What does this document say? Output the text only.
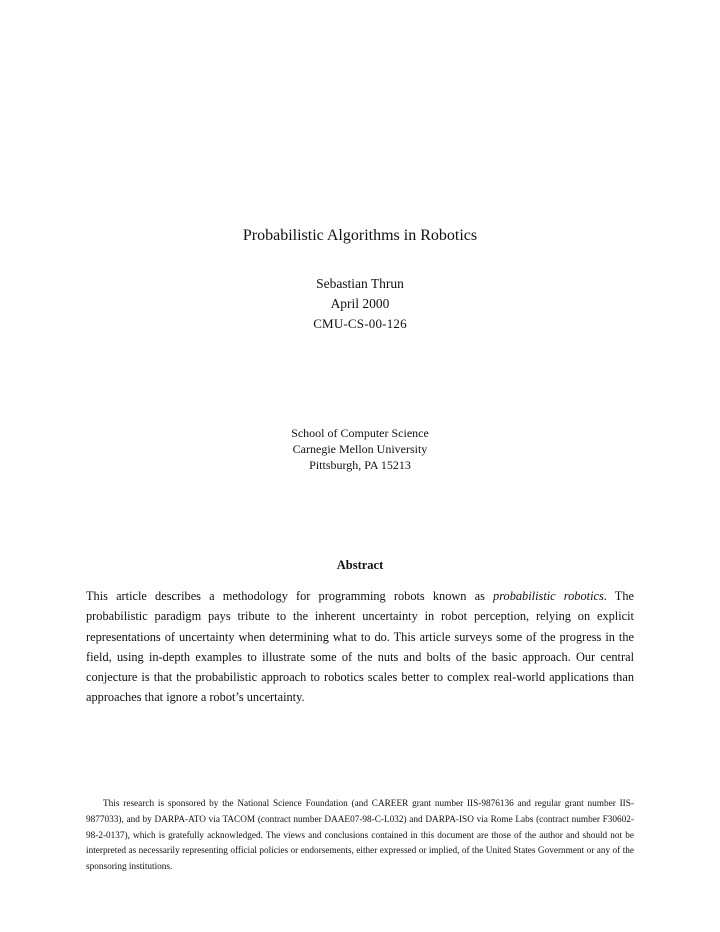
Probabilistic Algorithms in Robotics
Sebastian Thrun
April 2000
CMU-CS-00-126
School of Computer Science
Carnegie Mellon University
Pittsburgh, PA 15213
Abstract
This article describes a methodology for programming robots known as probabilistic robotics. The probabilistic paradigm pays tribute to the inherent uncertainty in robot perception, relying on explicit representations of uncertainty when determining what to do. This article surveys some of the progress in the field, using in-depth examples to illustrate some of the nuts and bolts of the basic approach. Our central conjecture is that the probabilistic approach to robotics scales better to complex real-world applications than approaches that ignore a robot’s uncertainty.
This research is sponsored by the National Science Foundation (and CAREER grant number IIS-9876136 and regular grant number IIS-9877033), and by DARPA-ATO via TACOM (contract number DAAE07-98-C-L032) and DARPA-ISO via Rome Labs (contract number F30602-98-2-0137), which is gratefully acknowledged. The views and conclusions contained in this document are those of the author and should not be interpreted as necessarily representing official policies or endorsements, either expressed or implied, of the United States Government or any of the sponsoring institutions.
